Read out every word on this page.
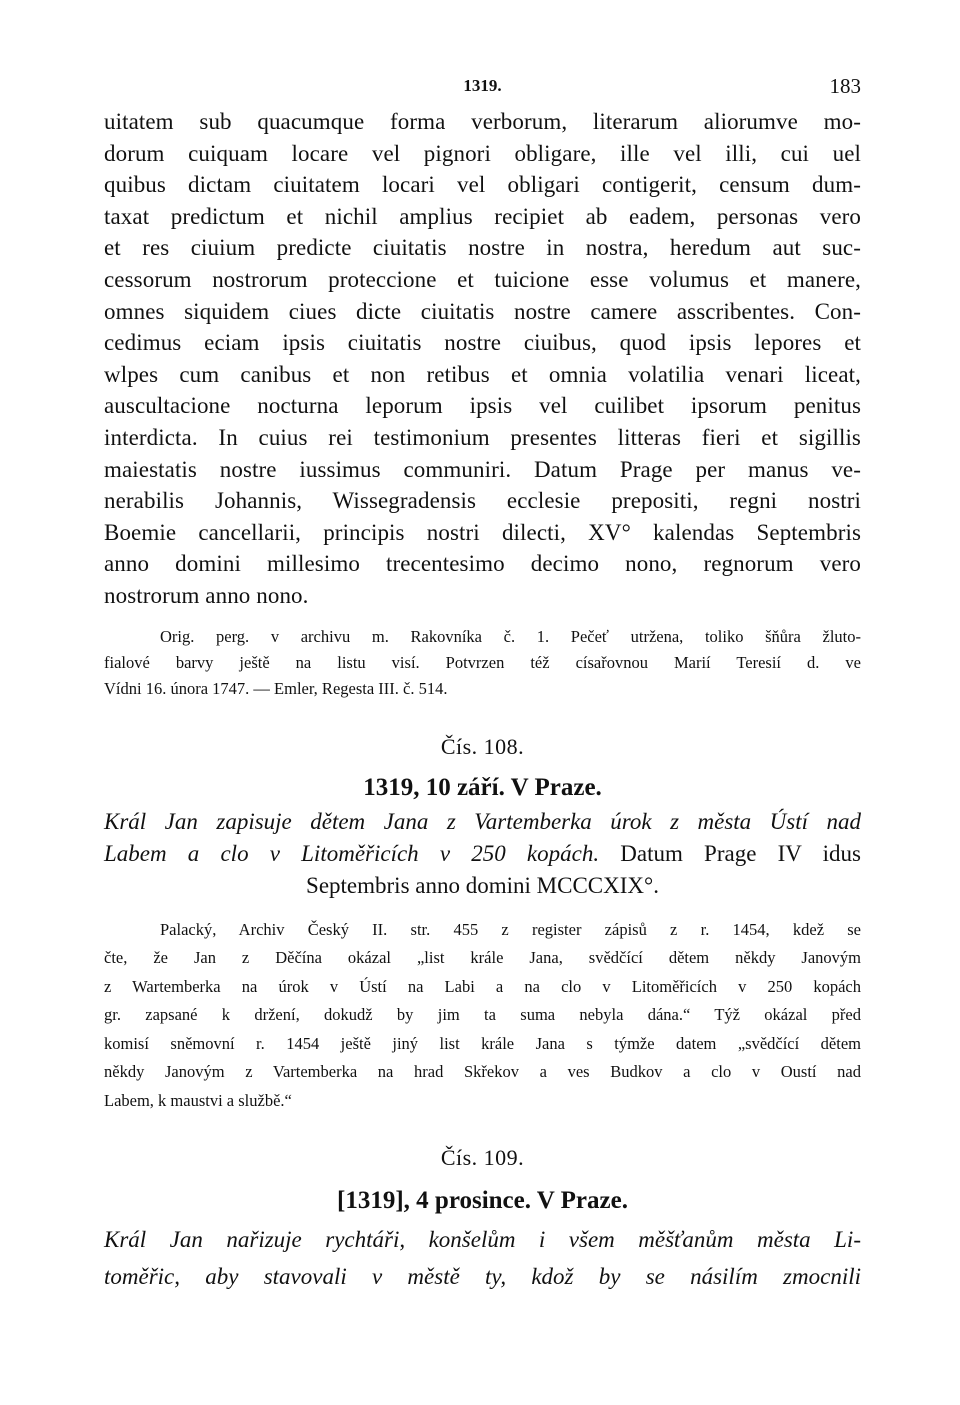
1319.	183

uitatem sub quacumque forma verborum, literarum aliorumve mo-
dorum cuiquam locare vel pignori obligare, ille vel illi, cui uel
quibus dictam ciuitatem locari vel obligari contigerit, censum dum-
taxat predictum et nichil amplius recipiet ab eadem, personas vero
et res ciuium predicte ciuitatis nostre in nostra, heredum aut suc-
cessorum nostrorum proteccione et tuicione esse volumus et manere,
omnes siquidem ciues dicte ciuitatis nostre camere asscribentes. Con-
cedimus eciam ipsis ciuitatis nostre ciuibus, quod ipsis lepores et
wlpes cum canibus et non retibus et omnia volatilia venari liceat,
auscultacione nocturna leporum ipsis vel cuilibet ipsorum penitus
interdicta. In cuius rei testimonium presentes litteras fieri et sigillis
maiestatis nostre iussimus communiri. Datum Prage per manus ve-
nerabilis Johannis, Wissegradensis ecclesie prepositi, regni nostri
Boemie cancellarii, principis nostri dilecti, XV° kalendas Septembris
anno domini millesimo trecentesimo decimo nono, regnorum vero
nostrorum anno nono.

Orig. perg. v archivu m. Rakovníka č. 1. Pečeť utržena, toliko šňůra žluto-
fialové barvy ještě na listu visí. Potvrzen též císařovnou Marií Teresií d. ve
Vídni 16. února 1747. — Emler, Regesta III. č. 514.
Čís. 108.
1319, 10 září. V Praze.
Král Jan zapisuje dětem Jana z Vartemberka úrok z města Ústí nad
Labem a clo v Litoměřicích v 250 kopách. Datum Prage IV idus
Septembris anno domini MCCCXIX°.
Palacký, Archiv Český II. str. 455 z register zápisů z r. 1454, kdež se
čte, že Jan z Děčína okázal „list krále Jana, svědčící dětem někdy Janovým
z Wartemberka na úrok v Ústí na Labi a na clo v Litoměřicích v 250 kopách
gr. zapsané k držení, dokudž by jim ta suma nebyla dána.“ Týž okázal před
komisí sněmovní r. 1454 ještě jiný list krále Jana s týmže datem „svědčící dětem
někdy Janovým z Vartemberka na hrad Skřekov a ves Budkov a clo v Oustí nad
Labem, k maustvi a službě.“
Čís. 109.
[1319], 4 prosince. V Praze.
Král Jan nařizuje rychtáři, konšelům i všem měšťanům města Li-
toměřic, aby stavovali v městě ty, kdož by se násilím zmocnili
